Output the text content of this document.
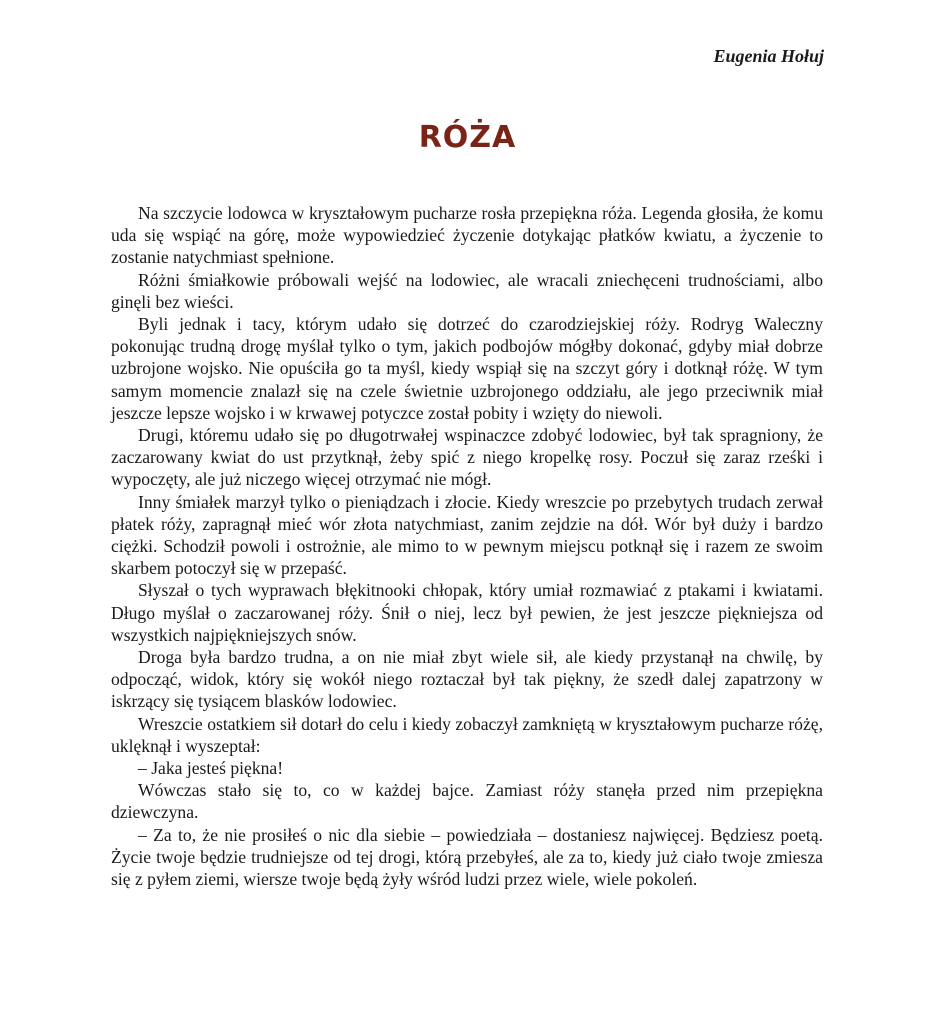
Eugenia Hołuj

RÓŻA

Na szczycie lodowca w kryształowym pucharze rosła przepiękna róża. Legenda głosiła, że komu uda się wspiąć na górę, może wypowiedzieć życzenie dotykając płatków kwiatu, a życzenie to zostanie natychmiast spełnione.

Różni śmiałkowie próbowali wejść na lodowiec, ale wracali zniechęceni trudnościami, albo ginęli bez wieści.

Byli jednak i tacy, którym udało się dotrzeć do czarodziejskiej róży. Rodryg Waleczny pokonując trudną drogę myślał tylko o tym, jakich podbojów mógłby dokonać, gdyby miał dobrze uzbrojone wojsko. Nie opuściła go ta myśl, kiedy wspiął się na szczyt góry i dotknął różę. W tym samym momencie znalazł się na czele świetnie uzbrojonego oddziału, ale jego przeciwnik miał jeszcze lepsze wojsko i w krwawej potyczce został pobity i wzięty do niewoli.

Drugi, któremu udało się po długotrwałej wspinaczce zdobyć lodowiec, był tak spragniony, że zaczarowany kwiat do ust przytknął, żeby spić z niego kropelkę rosy. Poczuł się zaraz rześki i wypoczęty, ale już niczego więcej otrzymać nie mógł.

Inny śmiałek marzył tylko o pieniądzach i złocie. Kiedy wreszcie po przebytych trudach zerwał płatek róży, zapragnął mieć wór złota natychmiast, zanim zejdzie na dół. Wór był duży i bardzo ciężki. Schodził powoli i ostrożnie, ale mimo to w pewnym miejscu potknął się i razem ze swoim skarbem potoczył się w przepaść.

Słyszał o tych wyprawach błękitnooki chłopak, który umiał rozmawiać z ptakami i kwiatami. Długo myślał o zaczarowanej róży. Śnił o niej, lecz był pewien, że jest jeszcze piękniejsza od wszystkich najpiękniejszych snów.

Droga była bardzo trudna, a on nie miał zbyt wiele sił, ale kiedy przystanął na chwilę, by odpocząć, widok, który się wokół niego roztaczał był tak piękny, że szedł dalej zapatrzony w iskrzący się tysiącem blasków lodowiec.

Wreszcie ostatkiem sił dotarł do celu i kiedy zobaczył zamkniętą w kryształowym pucharze różę, uklęknął i wyszeptał:

– Jaka jesteś piękna!

Wówczas stało się to, co w każdej bajce. Zamiast róży stanęła przed nim przepiękna dziewczyna.

– Za to, że nie prosiłeś o nic dla siebie – powiedziała – dostaniesz najwięcej. Będziesz poetą. Życie twoje będzie trudniejsze od tej drogi, którą przebyłeś, ale za to, kiedy już ciało twoje zmiesza się z pyłem ziemi, wiersze twoje będą żyły wśród ludzi przez wiele, wiele pokoleń.
